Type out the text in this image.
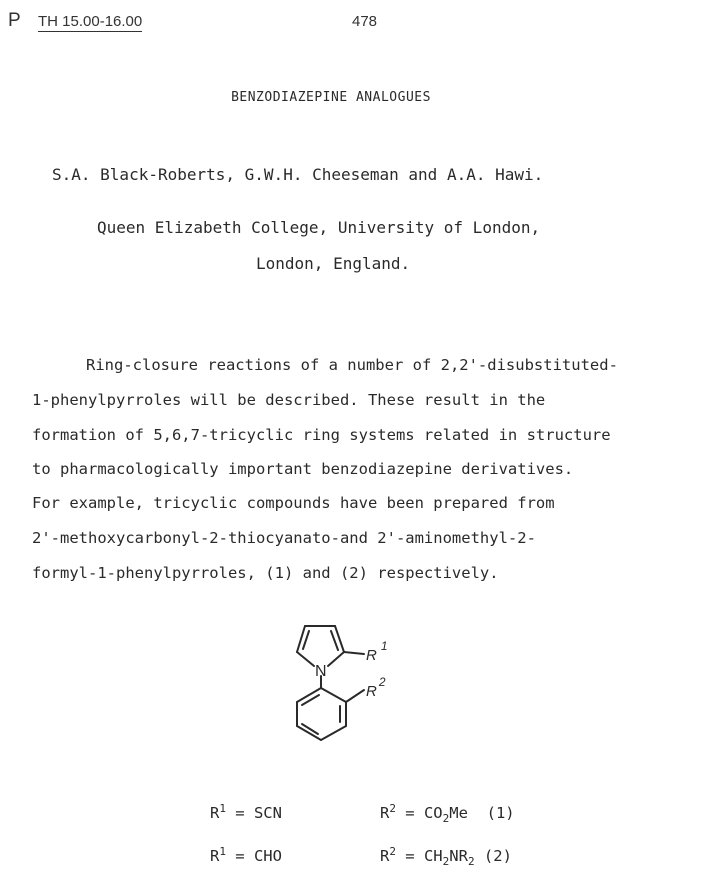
P TH 15.00-16.00	478
BENZODIAZEPINE ANALOGUES
S.A. Black-Roberts, G.W.H. Cheeseman and A.A. Hawi.
Queen Elizabeth College, University of London,
London, England.
Ring-closure reactions of a number of 2,2'-disubstituted-
1-phenylpyrroles will be described. These result in the
formation of 5,6,7-tricyclic ring systems related in structure
to pharmacologically important benzodiazepine derivatives.
For example, tricyclic compounds have been prepared from
2'-methoxycarbonyl-2-thiocyanato-and 2'-aminomethyl-2-
formyl-1-phenylpyrroles, (1) and (2) respectively.
N
$R^1$
$R^2$
$R^1$ = SCN	$R^2 = CO_2Me$ (1)
$R^1$ = CHO	$R^2 = CH_2NR_2$ (2)
